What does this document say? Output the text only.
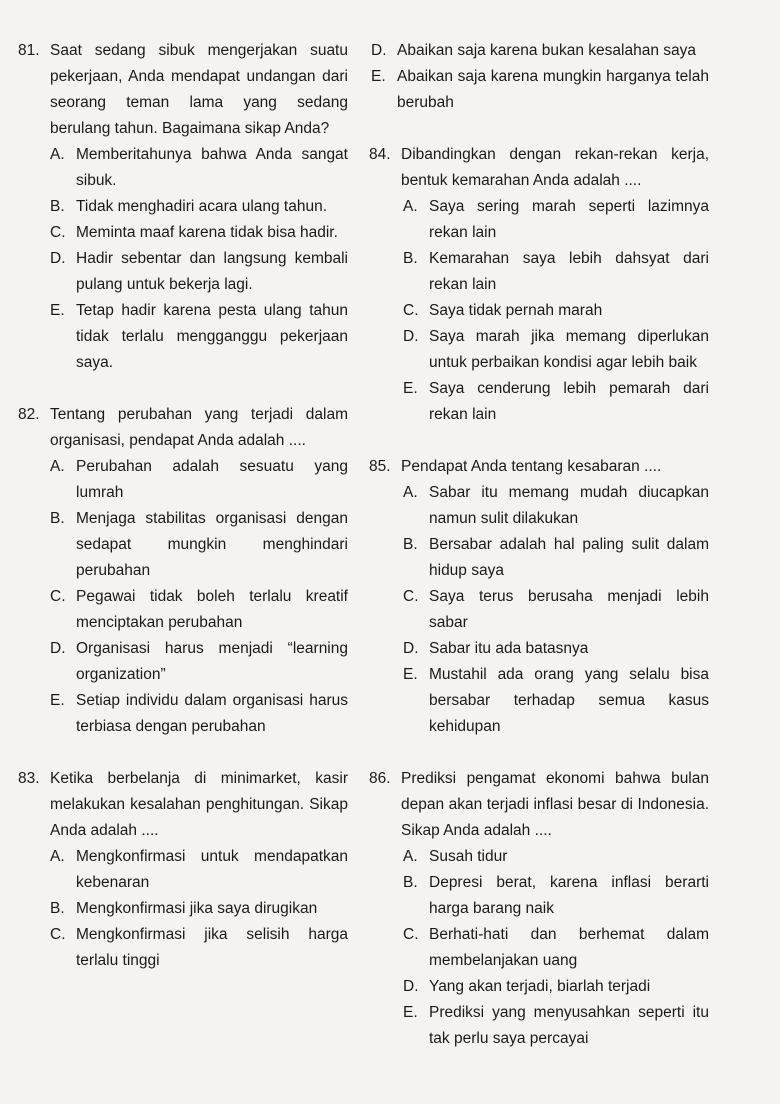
81. Saat sedang sibuk mengerjakan suatu pekerjaan, Anda mendapat undangan dari seorang teman lama yang sedang berulang tahun. Bagaimana sikap Anda?
A. Memberitahunya bahwa Anda sangat sibuk.
B. Tidak menghadiri acara ulang tahun.
C. Meminta maaf karena tidak bisa hadir.
D. Hadir sebentar dan langsung kembali pulang untuk bekerja lagi.
E. Tetap hadir karena pesta ulang tahun tidak terlalu mengganggu pekerjaan saya.
82. Tentang perubahan yang terjadi dalam organisasi, pendapat Anda adalah ....
A. Perubahan adalah sesuatu yang lumrah
B. Menjaga stabilitas organisasi dengan sedapat mungkin menghindari perubahan
C. Pegawai tidak boleh terlalu kreatif menciptakan perubahan
D. Organisasi harus menjadi “learning organization”
E. Setiap individu dalam organisasi harus terbiasa dengan perubahan
83. Ketika berbelanja di minimarket, kasir melakukan kesalahan penghitungan. Sikap Anda adalah ....
A. Mengkonfirmasi untuk mendapatkan kebenaran
B. Mengkonfirmasi jika saya dirugikan
C. Mengkonfirmasi jika selisih harga terlalu tinggi
D. Abaikan saja karena bukan kesalahan saya
E. Abaikan saja karena mungkin harganya telah berubah
84. Dibandingkan dengan rekan-rekan kerja, bentuk kemarahan Anda adalah ....
A. Saya sering marah seperti lazimnya rekan lain
B. Kemarahan saya lebih dahsyat dari rekan lain
C. Saya tidak pernah marah
D. Saya marah jika memang diperlukan untuk perbaikan kondisi agar lebih baik
E. Saya cenderung lebih pemarah dari rekan lain
85. Pendapat Anda tentang kesabaran ....
A. Sabar itu memang mudah diucapkan namun sulit dilakukan
B. Bersabar adalah hal paling sulit dalam hidup saya
C. Saya terus berusaha menjadi lebih sabar
D. Sabar itu ada batasnya
E. Mustahil ada orang yang selalu bisa bersabar terhadap semua kasus kehidupan
86. Prediksi pengamat ekonomi bahwa bulan depan akan terjadi inflasi besar di Indonesia. Sikap Anda adalah ....
A. Susah tidur
B. Depresi berat, karena inflasi berarti harga barang naik
C. Berhati-hati dan berhemat dalam membelanjakan uang
D. Yang akan terjadi, biarlah terjadi
E. Prediksi yang menyusahkan seperti itu tak perlu saya percayai
